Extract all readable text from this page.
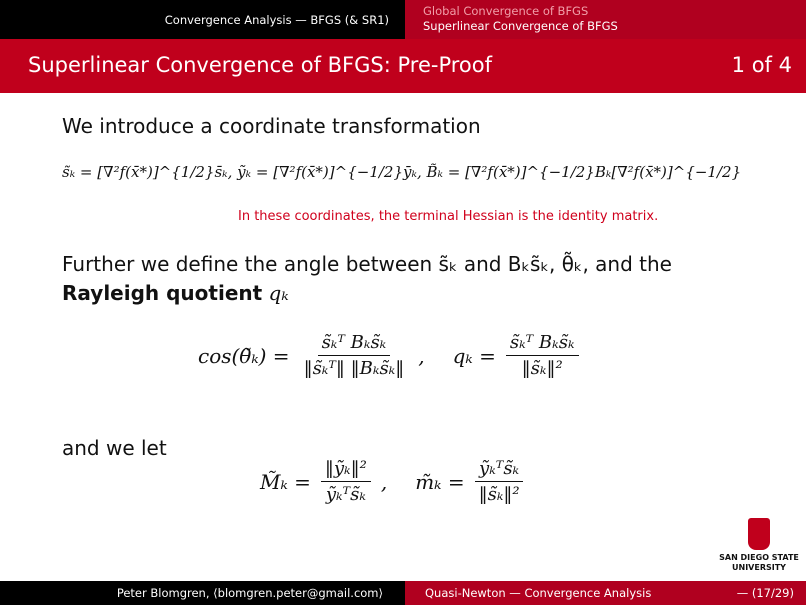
Convergence Analysis — BFGS (& SR1)
Global Convergence of BFGS
Superlinear Convergence of BFGS
Superlinear Convergence of BFGS: Pre-Proof	1 of 4
We introduce a coordinate transformation
s̃ₖ = [∇²f(x̄*)]^{1/2}s̄ₖ, ỹₖ = [∇²f(x̄*)]^{−1/2}ȳₖ, B̃ₖ = [∇²f(x̄*)]^{−1/2}Bₖ[∇²f(x̄*)]^{−1/2}
In these coordinates, the terminal Hessian is the identity matrix.
Further we define the angle between s̃ₖ and Bₖs̃ₖ, θ̃ₖ, and the
Rayleigh quotient qₖ
cos(θ̃ₖ) = $\frac{\text{s̃ₖᵀ Bₖs̃ₖ}}{\text{‖s̃ₖᵀ‖ ‖Bₖs̃ₖ‖}}$ , $q_k = \frac{\text{s̃ₖᵀ Bₖs̃ₖ}}{\text{‖s̃ₖ‖²}}$
and we let
M̃ₖ = $\frac{\text{‖ỹₖ‖²}}{\text{ỹₖᵀs̃ₖ}}$ , m̃ₖ = $\frac{\text{ỹₖᵀs̃ₖ}}{\text{‖s̃ₖ‖²}}$
SAN DIEGO STATE
UNIVERSITY
Peter Blomgren, ⟨blomgren.peter@gmail.com⟩	Quasi-Newton — Convergence Analysis	— (17/29)
